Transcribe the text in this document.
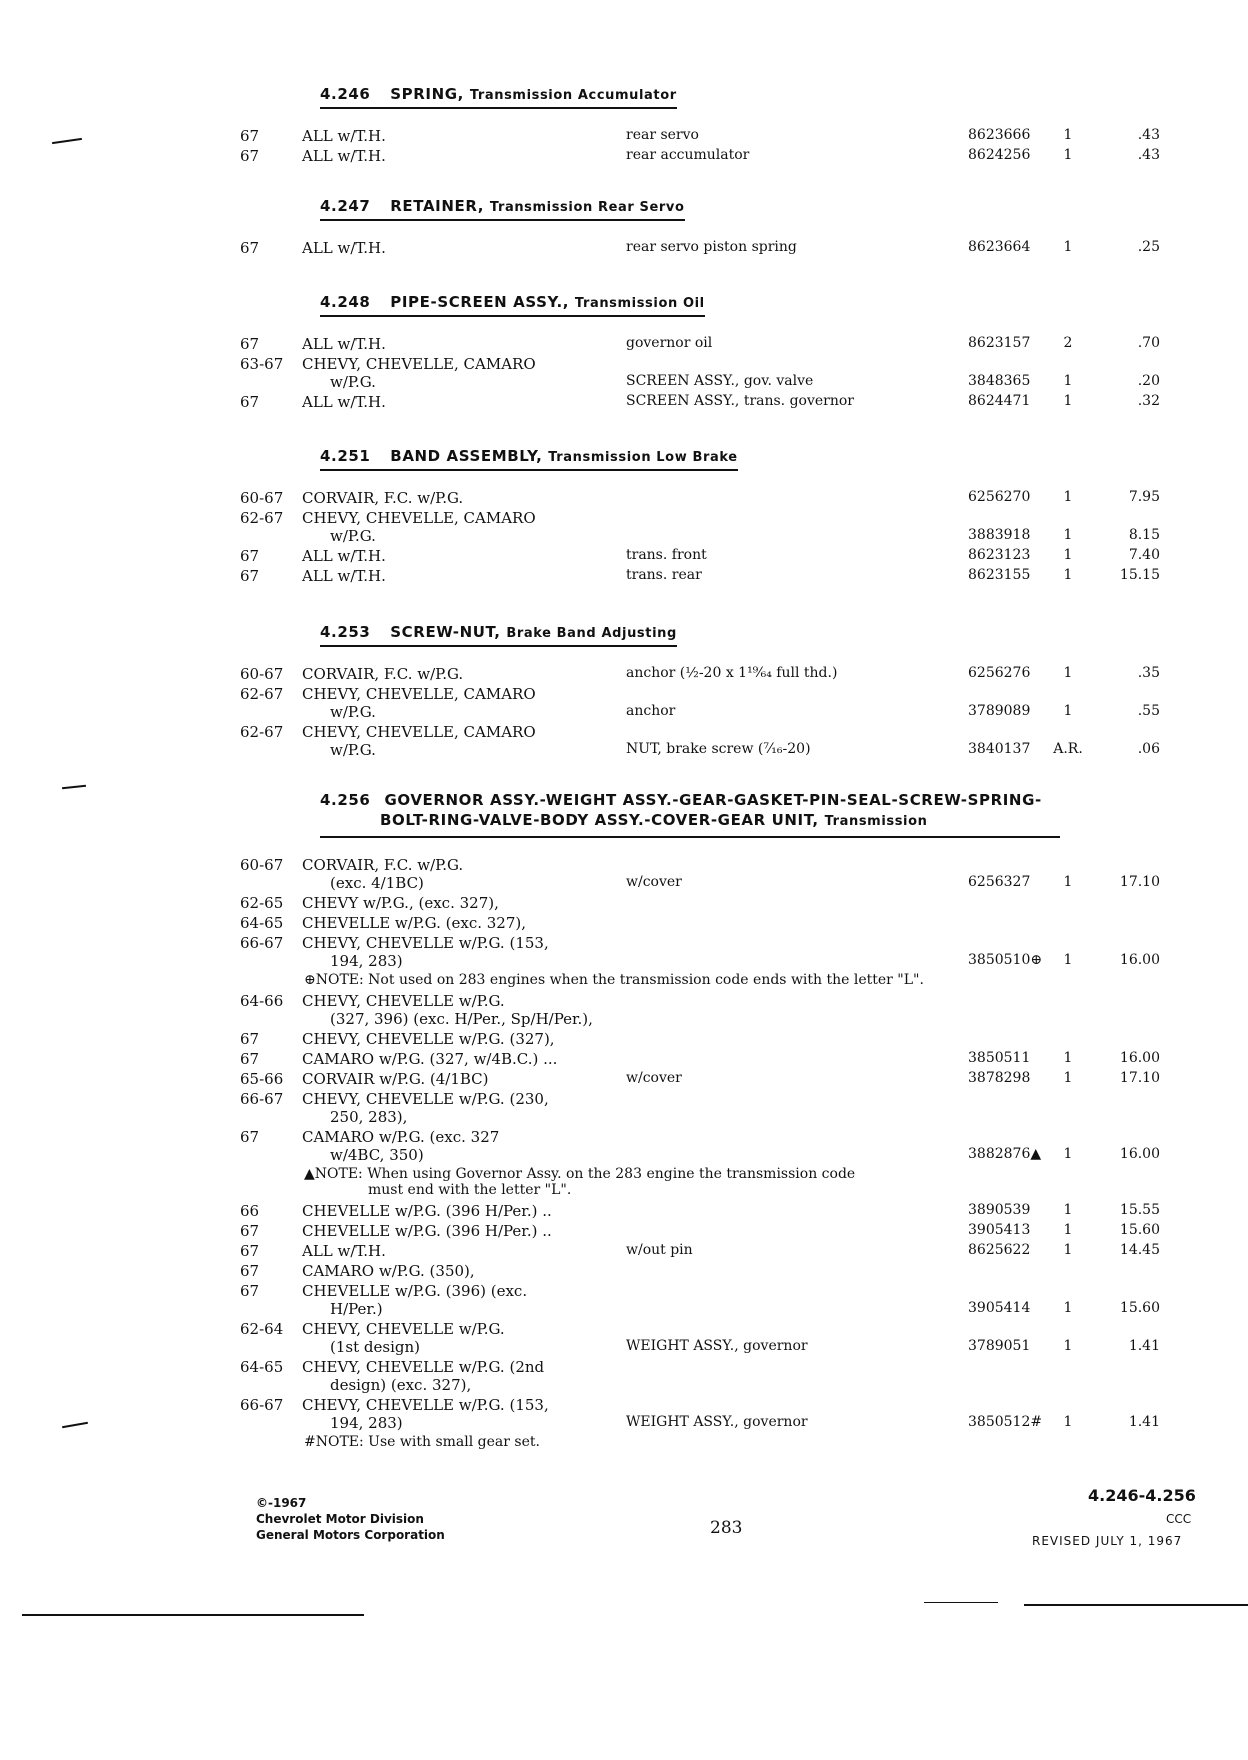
4.246 SPRING, Transmission Accumulator
67	ALL w/T.H.	rear servo	8623666	1	.43
67	ALL w/T.H.	rear accumulator	8624256	1	.43
4.247 RETAINER, Transmission Rear Servo
67	ALL w/T.H.	rear servo piston spring	8623664	1	.25
4.248 PIPE-SCREEN ASSY., Transmission Oil
67	ALL w/T.H.	governor oil	8623157	2	.70
63-67	CHEVY, CHEVELLE, CAMARO
w/P.G.	SCREEN ASSY., gov. valve	3848365	1	.20
67	ALL w/T.H.	SCREEN ASSY., trans. governor	8624471	1	.32
4.251 BAND ASSEMBLY, Transmission Low Brake
60-67	CORVAIR, F.C. w/P.G.	6256270	1	7.95
62-67	CHEVY, CHEVELLE, CAMARO
w/P.G.	3883918	1	8.15
67	ALL w/T.H.	trans. front	8623123	1	7.40
67	ALL w/T.H.	trans. rear	8623155	1	15.15
4.253 SCREW-NUT, Brake Band Adjusting
60-67	CORVAIR, F.C. w/P.G.	anchor (½-20 x 1¹⁹⁄₆₄ full thd.)	6256276	1	.35
62-67	CHEVY, CHEVELLE, CAMARO
w/P.G.	anchor	3789089	1	.55
62-67	CHEVY, CHEVELLE, CAMARO
w/P.G.	NUT, brake screw (⁷⁄₁₆-20)	3840137	A.R.	.06
4.256 GOVERNOR ASSY.-WEIGHT ASSY.-GEAR-GASKET-PIN-SEAL-SCREW-SPRING-
BOLT-RING-VALVE-BODY ASSY.-COVER-GEAR UNIT, Transmission
60-67	CORVAIR, F.C. w/P.G.
(exc. 4/1BC)	w/cover	6256327	1	17.10
62-65	CHEVY w/P.G., (exc. 327),
64-65	CHEVELLE w/P.G. (exc. 327),
66-67	CHEVY, CHEVELLE w/P.G. (153,
194, 283)	3850510⊕	1	16.00
⊕NOTE: Not used on 283 engines when the transmission code ends with the letter "L".
64-66	CHEVY, CHEVELLE w/P.G.
(327, 396) (exc. H/Per., Sp/H/Per.),
67	CHEVY, CHEVELLE w/P.G. (327),
67	CAMARO w/P.G. (327, w/4B.C.) ...	3850511	1	16.00
65-66	CORVAIR w/P.G. (4/1BC)	w/cover	3878298	1	17.10
66-67	CHEVY, CHEVELLE w/P.G. (230,
250, 283),
67	CAMARO w/P.G. (exc. 327
w/4BC, 350)	3882876▲	1	16.00
▲NOTE: When using Governor Assy. on the 283 engine the transmission code
must end with the letter "L".
66	CHEVELLE w/P.G. (396 H/Per.) ..	3890539	1	15.55
67	CHEVELLE w/P.G. (396 H/Per.) ..	3905413	1	15.60
67	ALL w/T.H.	w/out pin	8625622	1	14.45
67	CAMARO w/P.G. (350),
67	CHEVELLE w/P.G. (396) (exc.
H/Per.)	3905414	1	15.60
62-64	CHEVY, CHEVELLE w/P.G.
(1st design)	WEIGHT ASSY., governor	3789051	1	1.41
64-65	CHEVY, CHEVELLE w/P.G. (2nd
design) (exc. 327),
66-67	CHEVY, CHEVELLE w/P.G. (153,
194, 283)	WEIGHT ASSY., governor	3850512#	1	1.41
#NOTE: Use with small gear set.
©-1967
Chevrolet Motor Division
General Motors Corporation	283
4.246-4.256
CCC
REVISED JULY 1, 1967
